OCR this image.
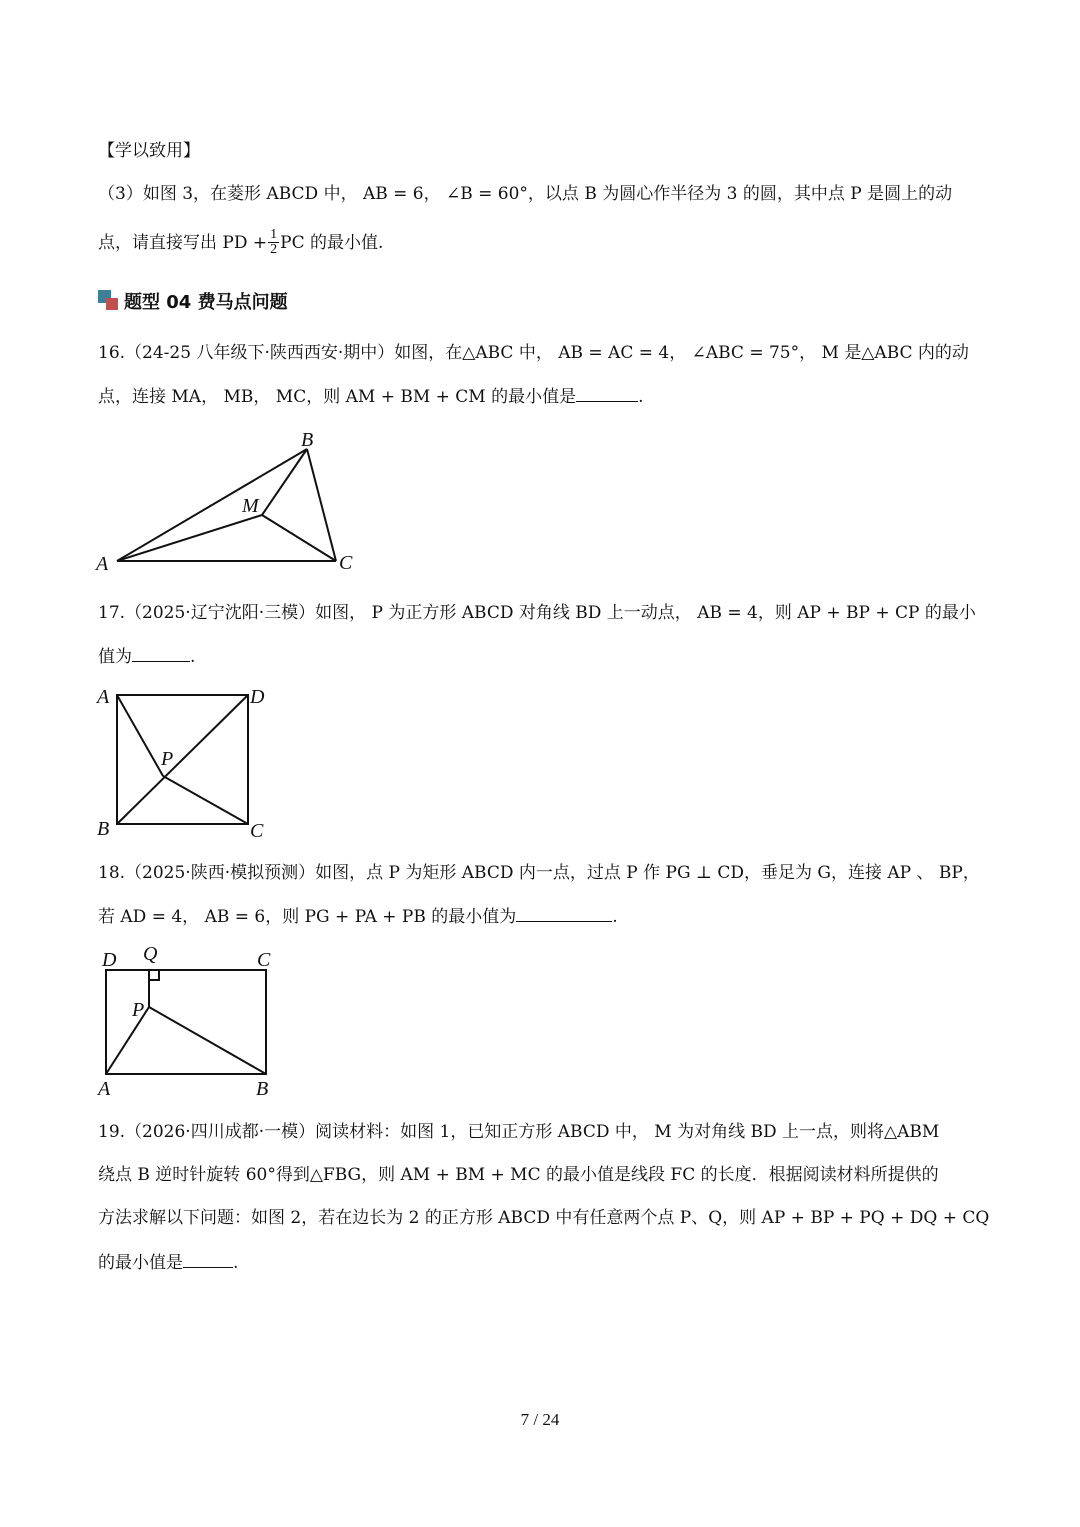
【学以致用】
（3）如图 3，在菱形 ABCD 中， AB = 6， ∠B = 60°，以点 B 为圆心作半径为 3 的圆，其中点 P 是圆上的动
点，请直接写出 PD + $\frac{1}{2}$ PC 的最小值.
题型 04 费马点问题
16.（24-25 八年级下·陕西西安·期中）如图，在△ABC 中， AB = AC = 4， ∠ABC = 75°， M 是△ABC 内的动
点，连接 MA， MB， MC，则 AM + BM + CM 的最小值是	.
A
B
C
M
17.（2025·辽宁沈阳·三模）如图， P 为正方形 ABCD 对角线 BD 上一动点， AB = 4，则 AP + BP + CP 的最小
值为	.
A	D
B	C
P
18.（2025·陕西·模拟预测）如图，点 P 为矩形 ABCD 内一点，过点 P 作 PG ⊥ CD，垂足为 G，连接 AP 、 BP，
若 AD = 4， AB = 6，则 PG + PA + PB 的最小值为	.
D Q	C
P
A	B
19.（2026·四川成都·一模）阅读材料：如图 1，已知正方形 ABCD 中， M 为对角线 BD 上一点，则将△ABM
绕点 B 逆时针旋转 60°得到△FBG，则 AM + BM + MC 的最小值是线段 FC 的长度．根据阅读材料所提供的
方法求解以下问题：如图 2，若在边长为 2 的正方形 ABCD 中有任意两个点 P、Q，则 AP + BP + PQ + DQ + CQ
的最小值是	.
7 / 24
